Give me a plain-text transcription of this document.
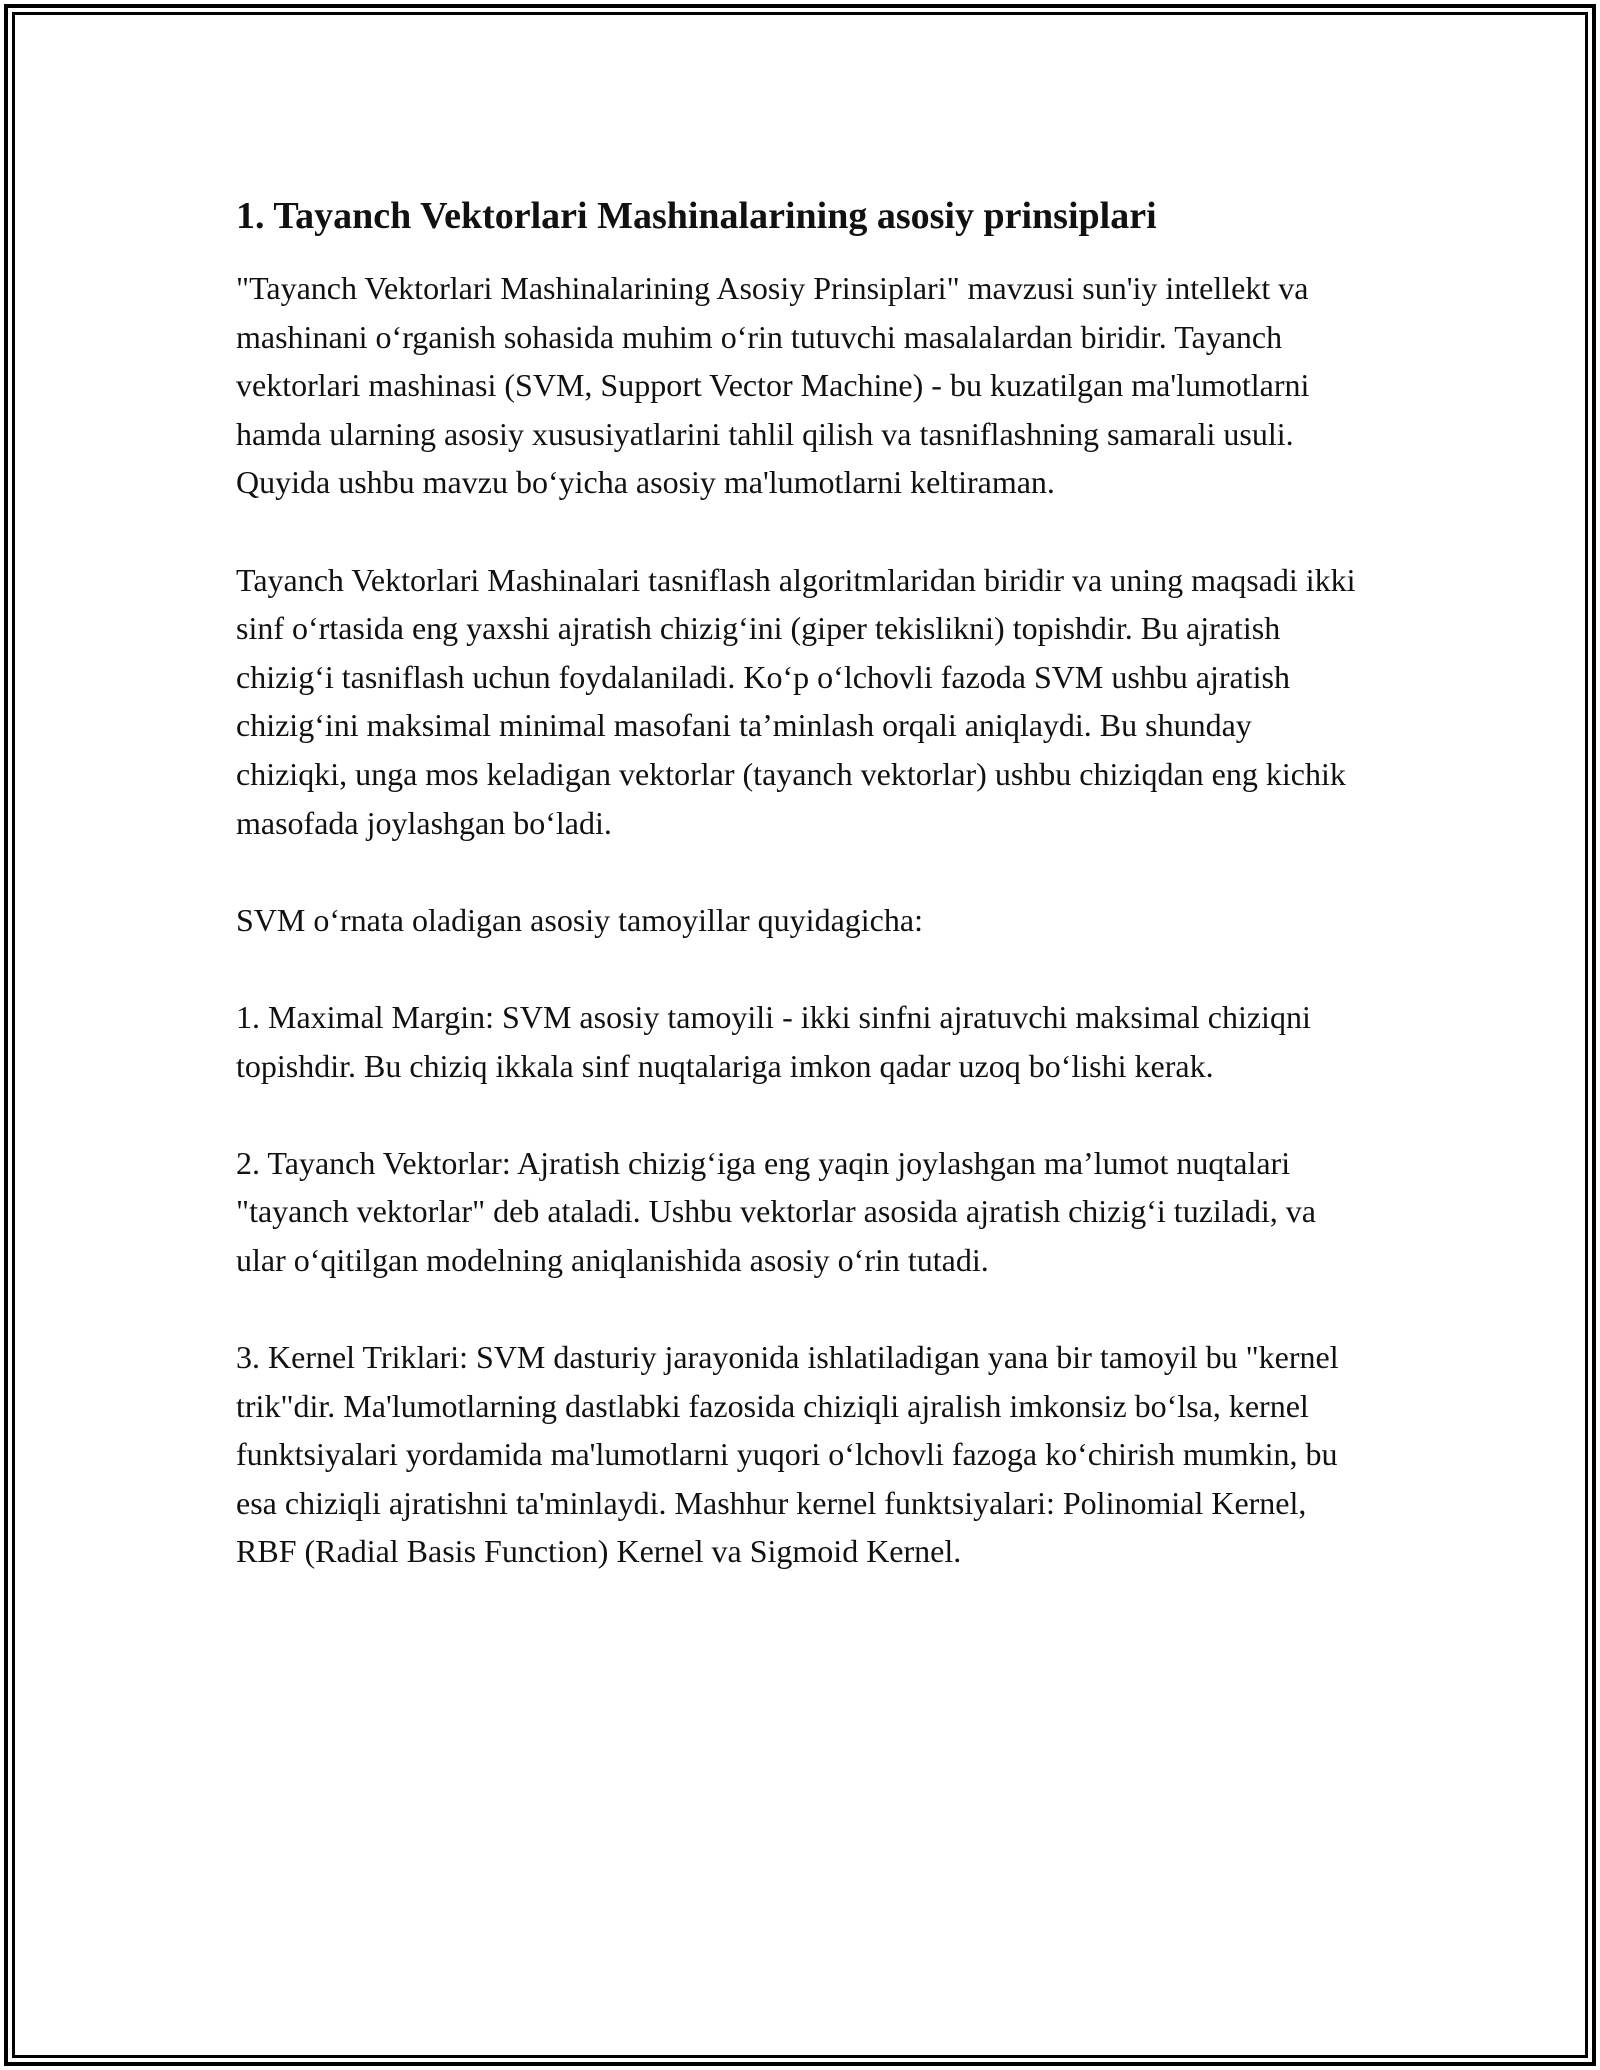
1. Tayanch Vektorlari Mashinalarining asosiy prinsiplari

"Tayanch Vektorlari Mashinalarining Asosiy Prinsiplari" mavzusi sun'iy intellekt va mashinani o‘rganish sohasida muhim o‘rin tutuvchi masalalardan biridir. Tayanch vektorlari mashinasi (SVM, Support Vector Machine) - bu kuzatilgan ma'lumotlarni hamda ularning asosiy xususiyatlarini tahlil qilish va tasniflashning samarali usuli. Quyida ushbu mavzu bo‘yicha asosiy ma'lumotlarni keltiraman.

Tayanch Vektorlari Mashinalari tasniflash algoritmlaridan biridir va uning maqsadi ikki sinf o‘rtasida eng yaxshi ajratish chizig‘ini (giper tekislikni) topishdir. Bu ajratish chizig‘i tasniflash uchun foydalaniladi. Ko‘p o‘lchovli fazoda SVM ushbu ajratish chizig‘ini maksimal minimal masofani ta’minlash orqali aniqlaydi. Bu shunday chiziqki, unga mos keladigan vektorlar (tayanch vektorlar) ushbu chiziqdan eng kichik masofada joylashgan bo‘ladi.

SVM o‘rnata oladigan asosiy tamoyillar quyidagicha:

1. Maximal Margin: SVM asosiy tamoyili - ikki sinfni ajratuvchi maksimal chiziqni topishdir. Bu chiziq ikkala sinf nuqtalariga imkon qadar uzoq bo‘lishi kerak.

2. Tayanch Vektorlar: Ajratish chizig‘iga eng yaqin joylashgan ma’lumot nuqtalari "tayanch vektorlar" deb ataladi. Ushbu vektorlar asosida ajratish chizig‘i tuziladi, va ular o‘qitilgan modelning aniqlanishida asosiy o‘rin tutadi.

3. Kernel Triklari: SVM dasturiy jarayonida ishlatiladigan yana bir tamoyil bu "kernel trik"dir. Ma'lumotlarning dastlabki fazosida chiziqli ajralish imkonsiz bo‘lsa, kernel funktsiyalari yordamida ma'lumotlarni yuqori o‘lchovli fazoga ko‘chirish mumkin, bu esa chiziqli ajratishni ta'minlaydi. Mashhur kernel funktsiyalari: Polinomial Kernel, RBF (Radial Basis Function) Kernel va Sigmoid Kernel.
